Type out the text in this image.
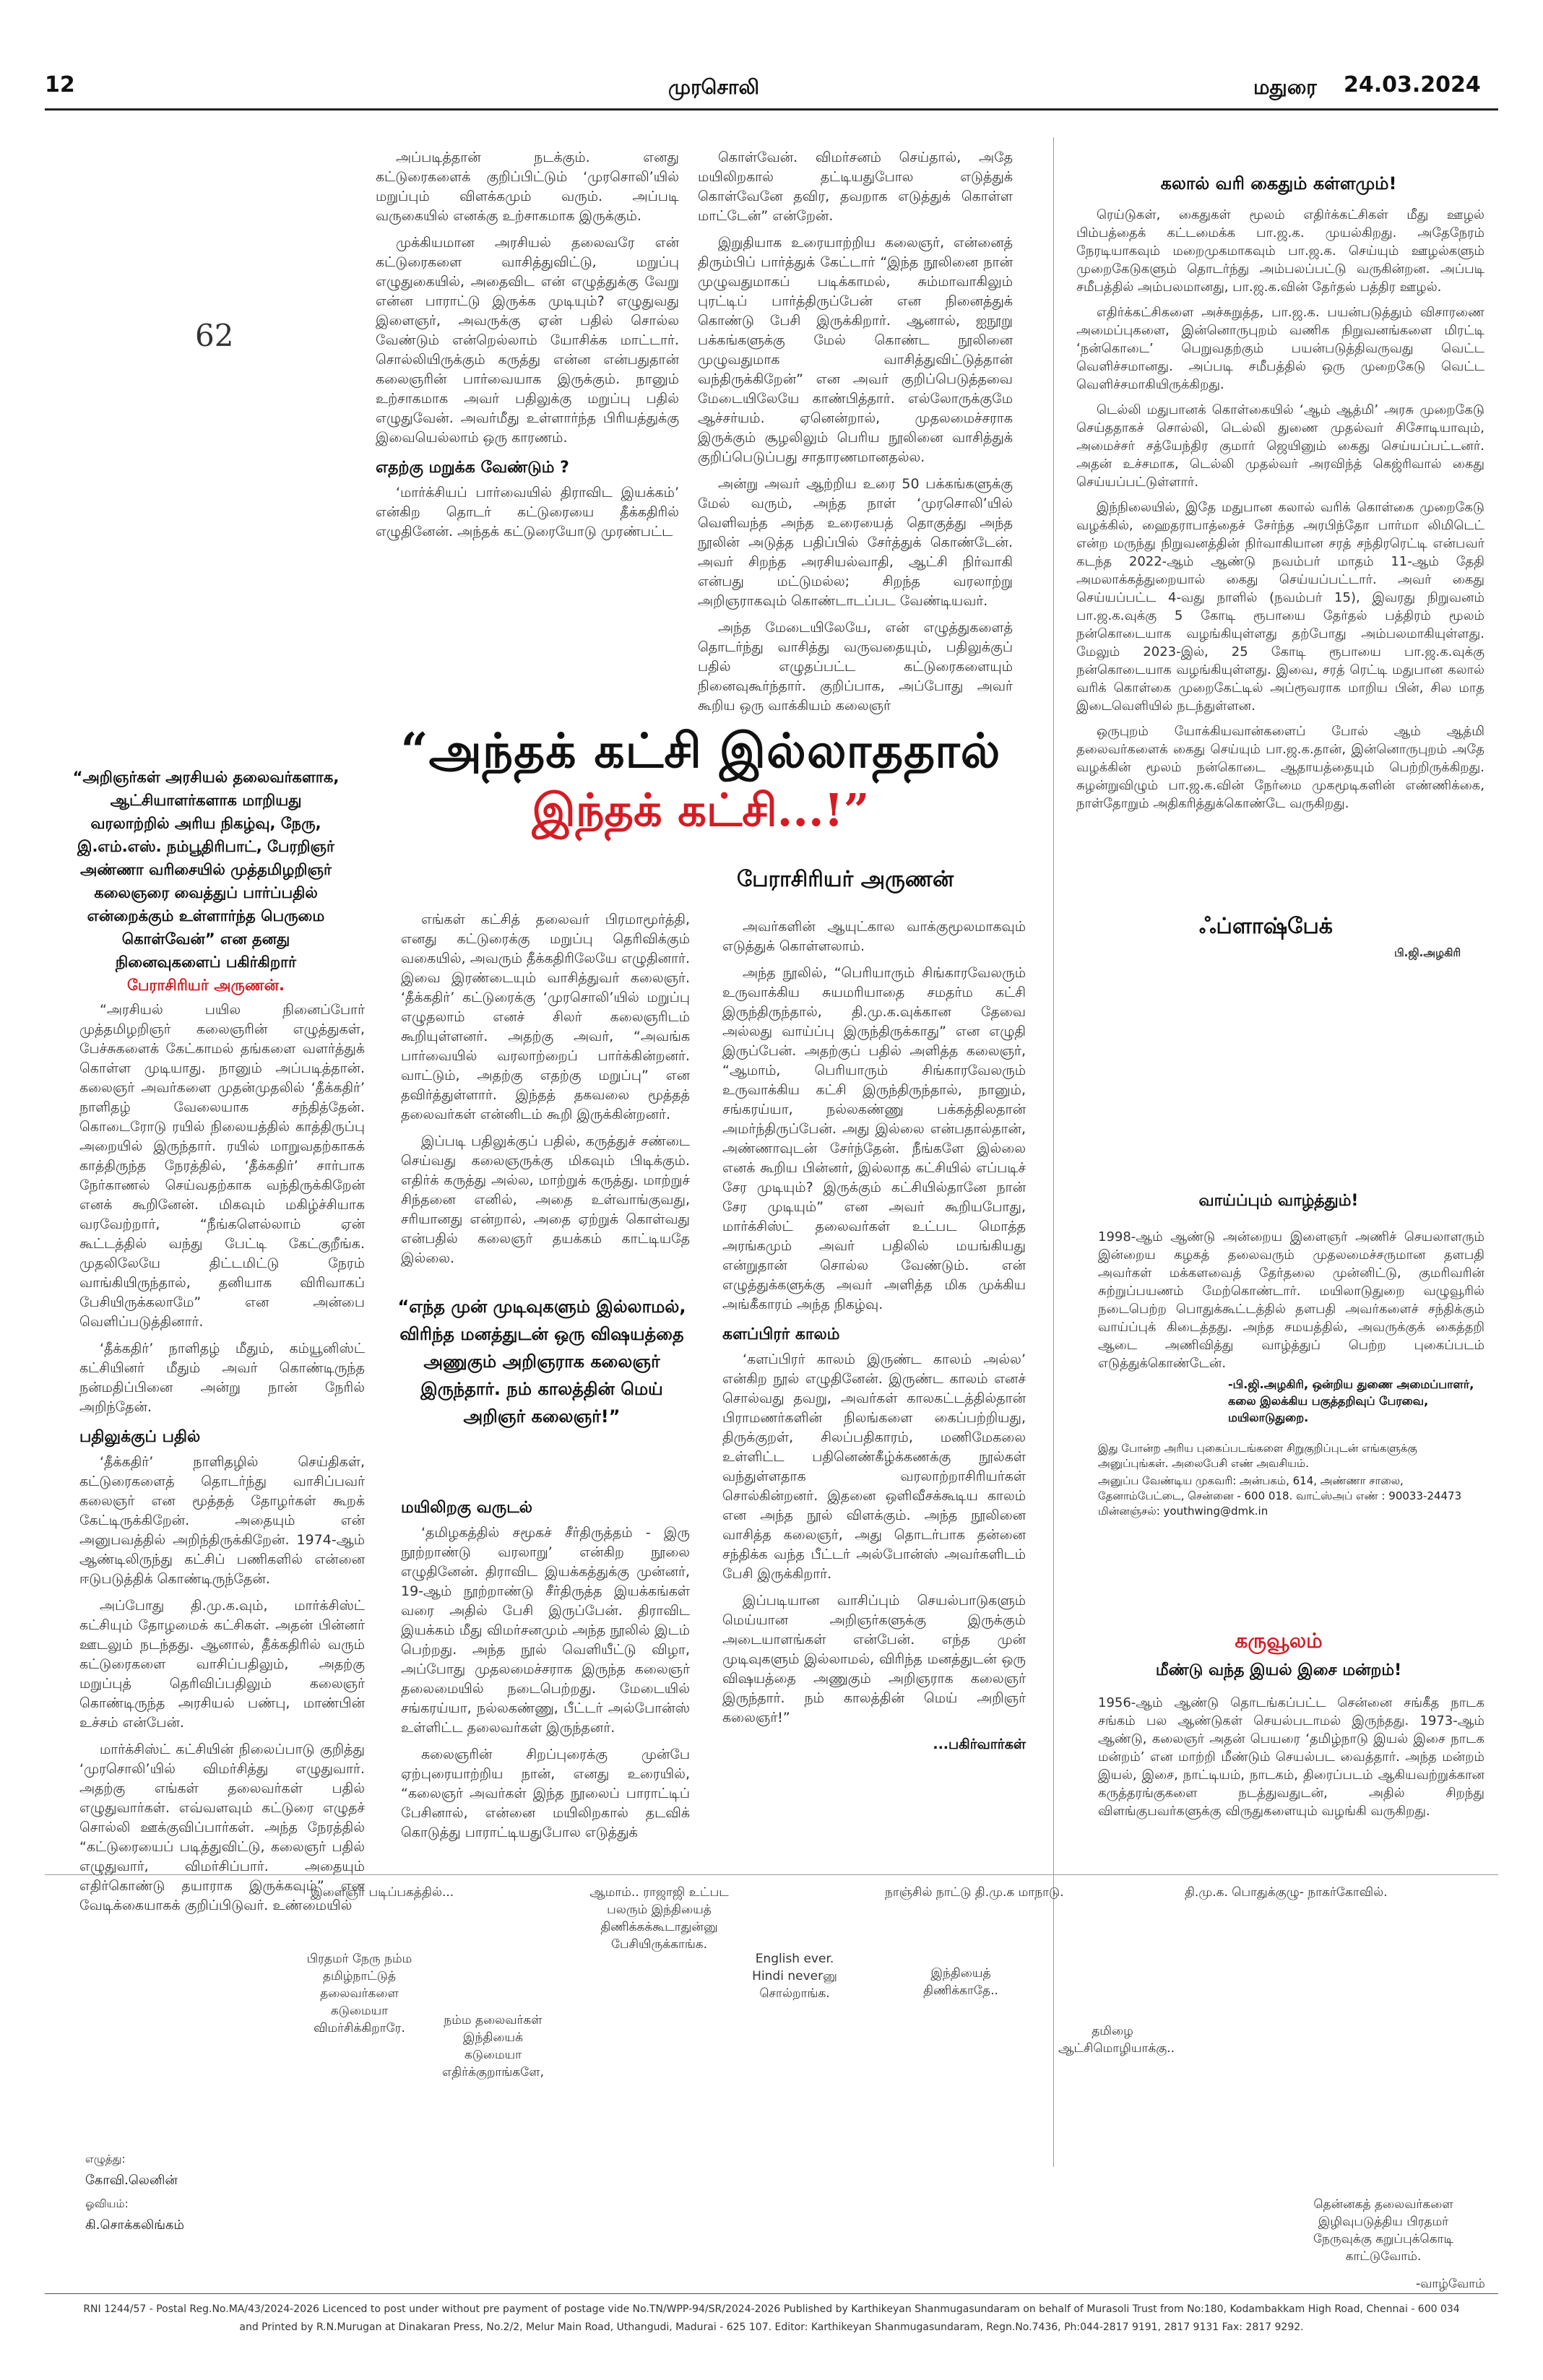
12	முரசொலி	மதுரை 24.03.2024
62

அப்படித்தான் நடக்கும். எனது கட்டுரைகளைக் குறிப்பிட்டும் ‘முரசொலி’யில் மறுப்பும் விளக்கமும் வரும். அப்படி வருகையில் எனக்கு உற்சாகமாக இருக்கும்.

முக்கியமான அரசியல் தலைவரே என் கட்டுரைகளை வாசித்துவிட்டு, மறுப்பு எழுதுகையில், அதைவிட என் எழுத்துக்கு வேறு என்ன பாராட்டு இருக்க முடியும்? எழுதுவது இளைஞர், அவருக்கு ஏன் பதில் சொல்ல வேண்டும் என்றெல்லாம் யோசிக்க மாட்டார். சொல்லியிருக்கும் கருத்து என்ன என்பதுதான் கலைஞரின் பார்வையாக இருக்கும். நானும் உற்சாகமாக அவர் பதிலுக்கு மறுப்பு பதில் எழுதுவேன். அவர்மீது உள்ளார்ந்த பிரியத்துக்கு இவையெல்லாம் ஒரு காரணம்.

எதற்கு மறுக்க வேண்டும் ?

‘மார்க்சியப் பார்வையில் திராவிட இயக்கம்’ என்கிற தொடர் கட்டுரையை தீக்கதிரில் எழுதினேன். அந்தக் கட்டுரையோடு முரண்பட்ட

கொள்வேன். விமர்சனம் செய்தால், அதே மயிலிறகால் தட்டியதுபோல எடுத்துக் கொள்வேனே தவிர, தவறாக எடுத்துக் கொள்ள மாட்டேன்” என்றேன்.

இறுதியாக உரையாற்றிய கலைஞர், என்னைத் திரும்பிப் பார்த்துக் கேட்டார் “இந்த நூலினை நான் முழுவதுமாகப் படிக்காமல், சும்மாவாகிலும் புரட்டிப் பார்த்திருப்பேன் என நினைத்துக் கொண்டு பேசி இருக்கிறார். ஆனால், ஐநூறு பக்கங்களுக்கு மேல் கொண்ட நூலினை முழுவதுமாக வாசித்துவிட்டுத்தான் வந்திருக்கிறேன்” என அவர் குறிப்பெடுத்தவை மேடையிலேயே காண்பித்தார். எல்லோருக்குமே ஆச்சர்யம். ஏனென்றால், முதலமைச்சராக இருக்கும் சூழலிலும் பெரிய நூலினை வாசித்துக் குறிப்பெடுப்பது சாதாரணமானதல்ல.

அன்று அவர் ஆற்றிய உரை 50 பக்கங்களுக்கு மேல் வரும், அந்த நாள் ‘முரசொலி’யில் வெளிவந்த அந்த உரையைத் தொகுத்து அந்த நூலின் அடுத்த பதிப்பில் சேர்த்துக் கொண்டேன். அவர் சிறந்த அரசியல்வாதி, ஆட்சி நிர்வாகி என்பது மட்டுமல்ல; சிறந்த வரலாற்று அறிஞராகவும் கொண்டாடப்பட வேண்டியவர்.

அந்த மேடையிலேயே, என் எழுத்துகளைத் தொடர்ந்து வாசித்து வருவதையும், பதிலுக்குப் பதில் எழுதப்பட்ட கட்டுரைகளையும் நினைவுகூர்ந்தார். குறிப்பாக, அப்போது அவர் கூறிய ஒரு வாக்கியம் கலைஞர்

“அந்தக் கட்சி இல்லாததால்
இந்தக் கட்சி...!”
பேராசிரியர் அருணன்
“அறிஞர்கள் அரசியல் தலைவர்களாக, ஆட்சியாளர்களாக மாறியது வரலாற்றில் அரிய நிகழ்வு, நேரு, இ.எம்.எஸ். நம்பூதிரிபாட், பேரறிஞர் அண்ணா வரிசையில் முத்தமிழறிஞர் கலைஞரை வைத்துப் பார்ப்பதில் என்றைக்கும் உள்ளார்ந்த பெருமை கொள்வேன்” என தனது நினைவுகளைப் பகிர்கிறார் பேராசிரியர் அருணன்.

“அரசியல் பயில நினைப்போர் முத்தமிழறிஞர் கலைஞரின் எழுத்துகள், பேச்சுகளைக் கேட்காமல் தங்களை வளர்த்துக் கொள்ள முடியாது. நானும் அப்படித்தான். கலைஞர் அவர்களை முதன்முதலில் ‘தீக்கதிர்’ நாளிதழ் வேலையாக சந்தித்தேன். கொடைரோடு ரயில் நிலையத்தில் காத்திருப்பு அறையில் இருந்தார். ரயில் மாறுவதற்காகக் காத்திருந்த நேரத்தில், ‘தீக்கதிர்’ சார்பாக நேர்காணல் செய்வதற்காக வந்திருக்கிறேன் எனக் கூறினேன். மிகவும் மகிழ்ச்சியாக வரவேற்றார், “நீங்களெல்லாம் ஏன் கூட்டத்தில் வந்து பேட்டி கேட்குறீங்க. முதலிலேயே திட்டமிட்டு நேரம் வாங்கியிருந்தால், தனியாக விரிவாகப் பேசியிருக்கலாமே” என அன்பை வெளிப்படுத்தினார்.

‘தீக்கதிர்’ நாளிதழ் மீதும், கம்யூனிஸ்ட் கட்சியினர் மீதும் அவர் கொண்டிருந்த நன்மதிப்பினை அன்று நான் நேரில் அறிந்தேன்.

பதிலுக்குப் பதில்

‘தீக்கதிர்’ நாளிதழில் செய்திகள், கட்டுரைகளைத் தொடர்ந்து வாசிப்பவர் கலைஞர் என மூத்தத் தோழர்கள் கூறக் கேட்டிருக்கிறேன். அதையும் என் அனுபவத்தில் அறிந்திருக்கிறேன். 1974-ஆம் ஆண்டிலிருந்து கட்சிப் பணிகளில் என்னை ஈடுபடுத்திக் கொண்டிருந்தேன்.

அப்போது தி.மு.க.வும், மார்க்சிஸ்ட் கட்சியும் தோழமைக் கட்சிகள். அதன் பின்னர் ஊடலும் நடந்தது. ஆனால், தீக்கதிரில் வரும் கட்டுரைகளை வாசிப்பதிலும், அதற்கு மறுப்புத் தெரிவிப்பதிலும் கலைஞர் கொண்டிருந்த அரசியல் பண்பு, மாண்பின் உச்சம் என்பேன்.

மார்க்சிஸ்ட் கட்சியின் நிலைப்பாடு குறித்து ‘முரசொலி’யில் விமர்சித்து எழுதுவார். அதற்கு எங்கள் தலைவர்கள் பதில் எழுதுவார்கள். எவ்வளவும் கட்டுரை எழுதச் சொல்லி ஊக்குவிப்பார்கள். அந்த நேரத்தில் “கட்டுரையைப் படித்துவிட்டு, கலைஞர் பதில் எழுதுவார், விமர்சிப்பார். அதையும் எதிர்கொண்டு தயாராக இருக்கவும்” என வேடிக்கையாகக் குறிப்பிடுவர். உண்மையில்

எங்கள் கட்சித் தலைவர் பிரமாமூர்த்தி, எனது கட்டுரைக்கு மறுப்பு தெரிவிக்கும் வகையில், அவரும் தீக்கதிரிலேயே எழுதினார். இவை இரண்டையும் வாசித்துவர் கலைஞர். ‘தீக்கதிர்’ கட்டுரைக்கு ‘முரசொலி’யில் மறுப்பு எழுதலாம் எனச் சிலர் கலைஞரிடம் கூறியுள்ளனர். அதற்கு அவர், “அவங்க பார்வையில் வரலாற்றைப் பார்க்கின்றனர். வாட்டும், அதற்கு எதற்கு மறுப்பு” என தவிர்த்துள்ளார். இந்தத் தகவலை மூத்தத் தலைவர்கள் என்னிடம் கூறி இருக்கின்றனர்.

இப்படி பதிலுக்குப் பதில், கருத்துச் சண்டை செய்வது கலைஞருக்கு மிகவும் பிடிக்கும். எதிர்க் கருத்து அல்ல, மாற்றுக் கருத்து. மாற்றுச் சிந்தனை எனில், அதை உள்வாங்குவது, சரியானது என்றால், அதை ஏற்றுக் கொள்வது என்பதில் கலைஞர் தயக்கம் காட்டியதே இல்லை.

“எந்த முன் முடிவுகளும் இல்லாமல், விரிந்த மனத்துடன் ஒரு விஷயத்தை அணுகும் அறிஞராக கலைஞர் இருந்தார். நம் காலத்தின் மெய் அறிஞர் கலைஞர்!”
மயிலிறகு வருடல்

‘தமிழகத்தில் சமூகச் சீர்திருத்தம் - இரு நூற்றாண்டு வரலாறு’ என்கிற நூலை எழுதினேன். திராவிட இயக்கத்துக்கு முன்னர், 19-ஆம் நூற்றாண்டு சீர்திருத்த இயக்கங்கள் வரை அதில் பேசி இருப்பேன். திராவிட இயக்கம் மீது விமர்சனமும் அந்த நூலில் இடம் பெற்றது. அந்த நூல் வெளியீட்டு விழா, அப்போது முதலமைச்சராக இருந்த கலைஞர் தலைமையில் நடைபெற்றது. மேடையில் சங்கரய்யா, நல்லகண்ணு, பீட்டர் அல்போன்ஸ் உள்ளிட்ட தலைவர்கள் இருந்தனர்.

கலைஞரின் சிறப்புரைக்கு முன்பே ஏற்புரையாற்றிய நான், எனது உரையில், “கலைஞர் அவர்கள் இந்த நூலைப் பாராட்டிப் பேசினால், என்னை மயிலிறகால் தடவிக் கொடுத்து பாராட்டியதுபோல எடுத்துக்

அவர்களின் ஆயுட்கால வாக்குமூலமாகவும் எடுத்துக் கொள்ளலாம்.

அந்த நூலில், “பெரியாரும் சிங்காரவேலரும் உருவாக்கிய சுயமரியாதை சமதர்ம கட்சி இருந்திருந்தால், தி.மு.க.வுக்கான தேவை அல்லது வாய்ப்பு இருந்திருக்காது” என எழுதி இருப்பேன். அதற்குப் பதில் அளித்த கலைஞர், “ஆமாம், பெரியாரும் சிங்காரவேலரும் உருவாக்கிய கட்சி இருந்திருந்தால், நானும், சங்கரய்யா, நல்லகண்ணு பக்கத்திலதான் அமர்ந்திருப்பேன். அது இல்லை என்பதால்தான், அண்ணாவுடன் சேர்ந்தேன். நீங்களே இல்லை எனக் கூறிய பின்னர், இல்லாத கட்சியில் எப்படிச் சேர முடியும்? இருக்கும் கட்சியில்தானே நான் சேர முடியும்” என அவர் கூறியபோது, மார்க்சிஸ்ட் தலைவர்கள் உட்பட மொத்த அரங்கமும் அவர் பதிலில் மயங்கியது என்றுதான் சொல்ல வேண்டும். என் எழுத்துக்களுக்கு அவர் அளித்த மிக முக்கிய அங்கீகாரம் அந்த நிகழ்வு.

களப்பிரர் காலம்

‘களப்பிரர் காலம் இருண்ட காலம் அல்ல’ என்கிற நூல் எழுதினேன். இருண்ட காலம் எனச் சொல்வது தவறு, அவர்கள் காலகட்டத்தில்தான் பிராமணர்களின் நிலங்களை கைப்பற்றியது, திருக்குறள், சிலப்பதிகாரம், மணிமேகலை உள்ளிட்ட பதினெண்கீழ்க்கணக்கு நூல்கள் வந்துள்ளதாக வரலாற்றாசிரியர்கள் சொல்கின்றனர். இதனை ஒளிவீசக்கூடிய காலம் என அந்த நூல் விளக்கும். அந்த நூலினை வாசித்த கலைஞர், அது தொடர்பாக தன்னை சந்திக்க வந்த பீட்டர் அல்போன்ஸ் அவர்களிடம் பேசி இருக்கிறார்.

இப்படியான வாசிப்பும் செயல்பாடுகளும் மெய்யான அறிஞர்களுக்கு இருக்கும் அடையாளங்கள் என்பேன். எந்த முன் முடிவுகளும் இல்லாமல், விரிந்த மனத்துடன் ஒரு விஷயத்தை அணுகும் அறிஞராக கலைஞர் இருந்தார். நம் காலத்தின் மெய் அறிஞர் கலைஞர்!”

...பகிர்வார்கள்
கலால் வரி கைதும் கள்ளமும்!

ரெய்டுகள், கைதுகள் மூலம் எதிர்க்கட்சிகள் மீது ஊழல் பிம்பத்தைக் கட்டமைக்க பா.ஜ.க. முயல்கிறது. அதேநேரம் நேரடியாகவும் மறைமுகமாகவும் பா.ஜ.க. செய்யும் ஊழல்களும் முறைகேடுகளும் தொடர்ந்து அம்பலப்பட்டு வருகின்றன. அப்படி சமீபத்தில் அம்பலமானது, பா.ஜ.க.வின் தேர்தல் பத்திர ஊழல்.

எதிர்க்கட்சிகளை அச்சுறுத்த, பா.ஜ.க. பயன்படுத்தும் விசாரணை அமைப்புகளை, இன்னொருபுறம் வணிக நிறுவனங்களை மிரட்டி ‘நன்கொடை’ பெறுவதற்கும் பயன்படுத்திவருவது வெட்ட வெளிச்சமானது. அப்படி சமீபத்தில் ஒரு முறைகேடு வெட்ட வெளிச்சமாகியிருக்கிறது.

டெல்லி மதுபானக் கொள்கையில் ‘ஆம் ஆத்மி’ அரசு முறைகேடு செய்ததாகச் சொல்லி, டெல்லி துணை முதல்வர் சிசோடியாவும், அமைச்சர் சத்யேந்திர குமார் ஜெயினும் கைது செய்யப்பட்டனர். அதன் உச்சமாக, டெல்லி முதல்வர் அரவிந்த் கெஜ்ரிவால் கைது செய்யப்பட்டுள்ளார்.

இந்நிலையில், இதே மதுபான கலால் வரிக் கொள்கை முறைகேடு வழக்கில், ஹைதராபாத்தைச் சேர்ந்த அரபிந்தோ பார்மா லிமிடெட் என்ற மருந்து நிறுவனத்தின் நிர்வாகியான சரத் சந்திரரெட்டி என்பவர் கடந்த 2022-ஆம் ஆண்டு நவம்பர் மாதம் 11-ஆம் தேதி அமலாக்கத்துறையால் கைது செய்யப்பட்டார். அவர் கைது செய்யப்பட்ட 4-வது நாளில் (நவம்பர் 15), இவரது நிறுவனம் பா.ஜ.க.வுக்கு 5 கோடி ரூபாயை தேர்தல் பத்திரம் மூலம் நன்கொடையாக வழங்கியுள்ளது தற்போது அம்பலமாகியுள்ளது. மேலும் 2023-இல், 25 கோடி ரூபாயை பா.ஜ.க.வுக்கு நன்கொடையாக வழங்கியுள்ளது. இவை, சரத் ரெட்டி மதுபான கலால் வரிக் கொள்கை முறைகேட்டில் அப்ரூவராக மாறிய பின், சில மாத இடைவெளியில் நடந்துள்ளன.

ஒருபுறம் யோக்கியவான்களைப் போல் ஆம் ஆத்மி தலைவர்களைக் கைது செய்யும் பா.ஜ.க.தான், இன்னொருபுறம் அதே வழக்கின் மூலம் நன்கொடை ஆதாயத்தையும் பெற்றிருக்கிறது. சுழன்றுவிழும் பா.ஜ.க.வின் நேர்மை முகமூடிகளின் எண்ணிக்கை, நாள்தோறும் அதிகரித்துக்கொண்டே வருகிறது.

ஃப்ளாஷ்பேக்
பி.ஜி.அழகிரி
வாய்ப்பும் வாழ்த்தும்!
1998-ஆம் ஆண்டு அன்றைய இளைஞர் அணிச் செயலாளரும் இன்றைய கழகத் தலைவரும் முதலமைச்சருமான தளபதி அவர்கள் மக்களவைத் தேர்தலை முன்னிட்டு, குமரிவரின் சுற்றுப்பயணம் மேற்கொண்டார். மயிலாடுதுறை வழுவூரில் நடைபெற்ற பொதுக்கூட்டத்தில் தளபதி அவர்களைச் சந்திக்கும் வாய்ப்புக் கிடைத்தது. அந்த சமயத்தில், அவருக்குக் கைத்தறி ஆடை அணிவித்து வாழ்த்துப் பெற்ற புகைப்படம் எடுத்துக்கொண்டேன்.
-பி.ஜி.அழகிரி, ஒன்றிய துணை அமைப்பாளர், கலை இலக்கிய பகுத்தறிவுப் பேரவை, மயிலாடுதுறை.
இது போன்ற அரிய புகைப்படங்களை சிறுகுறிப்புடன் எங்களுக்கு அனுப்புங்கள். அலைபேசி எண் அவசியம்.
அனுப்ப வேண்டிய முகவரி: அன்பகம், 614, அண்ணா சாலை, தேனாம்பேட்டை, சென்னை - 600 018. வாட்ஸ்அப் எண் : 90033-24473 மின்னஞ்சல்: youthwing@dmk.in
கருவூலம்
மீண்டு வந்த இயல் இசை மன்றம்!
1956-ஆம் ஆண்டு தொடங்கப்பட்ட சென்னை சங்கீத நாடக சங்கம் பல ஆண்டுகள் செயல்படாமல் இருந்தது. 1973-ஆம் ஆண்டு, கலைஞர் அதன் பெயரை ‘தமிழ்நாடு இயல் இசை நாடக மன்றம்’ என மாற்றி மீண்டும் செயல்பட வைத்தார். அந்த மன்றம் இயல், இசை, நாட்டியம், நாடகம், திரைப்படம் ஆகியவற்றுக்கான கருத்தரங்குகளை நடத்துவதுடன், அதில் சிறந்து விளங்குபவர்களுக்கு விருதுகளையும் வழங்கி வருகிறது.
இளைஞர் படிப்பகத்தில்...	ஆமாம்.. ராஜாஜி உட்பட பலரும் இந்தியைத் திணிக்கக்கூடாதுன்னு பேசியிருக்காங்க.
நாஞ்சில் நாட்டு தி.மு.க மாநாடு.	தி.மு.க. பொதுக்குழு- நாகர்கோவில்.
பிரதமர் நேரு நம்ம தமிழ்நாட்டுத் தலைவர்களை கடுமையா விமர்சிக்கிறாரே.
நம்ம தலைவர்கள் இந்தியைக் கடுமையா எதிர்க்குறாங்களே,
English ever. Hindi neverனு சொல்றாங்க.
இந்தியைத் திணிக்காதே..
தமிழை ஆட்சிமொழியாக்கு..
தென்னகத் தலைவர்களை இழிவுபடுத்திய பிரதமர் நேருவுக்கு கறுப்புக்கொடி காட்டுவோம்.
-வாழ்வோம்
எழுத்து:
கோவி.லெனின்
ஓவியம்:
கி.சொக்கலிங்கம்
RNI 1244/57 - Postal Reg.No.MA/43/2024-2026 Licenced to post under without pre payment of postage vide No.TN/WPP-94/SR/2024-2026 Published by Karthikeyan Shanmugasundaram on behalf of Murasoli Trust from No:180, Kodambakkam High Road, Chennai - 600 034
and Printed by R.N.Murugan at Dinakaran Press, No.2/2, Melur Main Road, Uthangudi, Madurai - 625 107. Editor: Karthikeyan Shanmugasundaram, Regn.No.7436, Ph:044-2817 9191, 2817 9131 Fax: 2817 9292.
